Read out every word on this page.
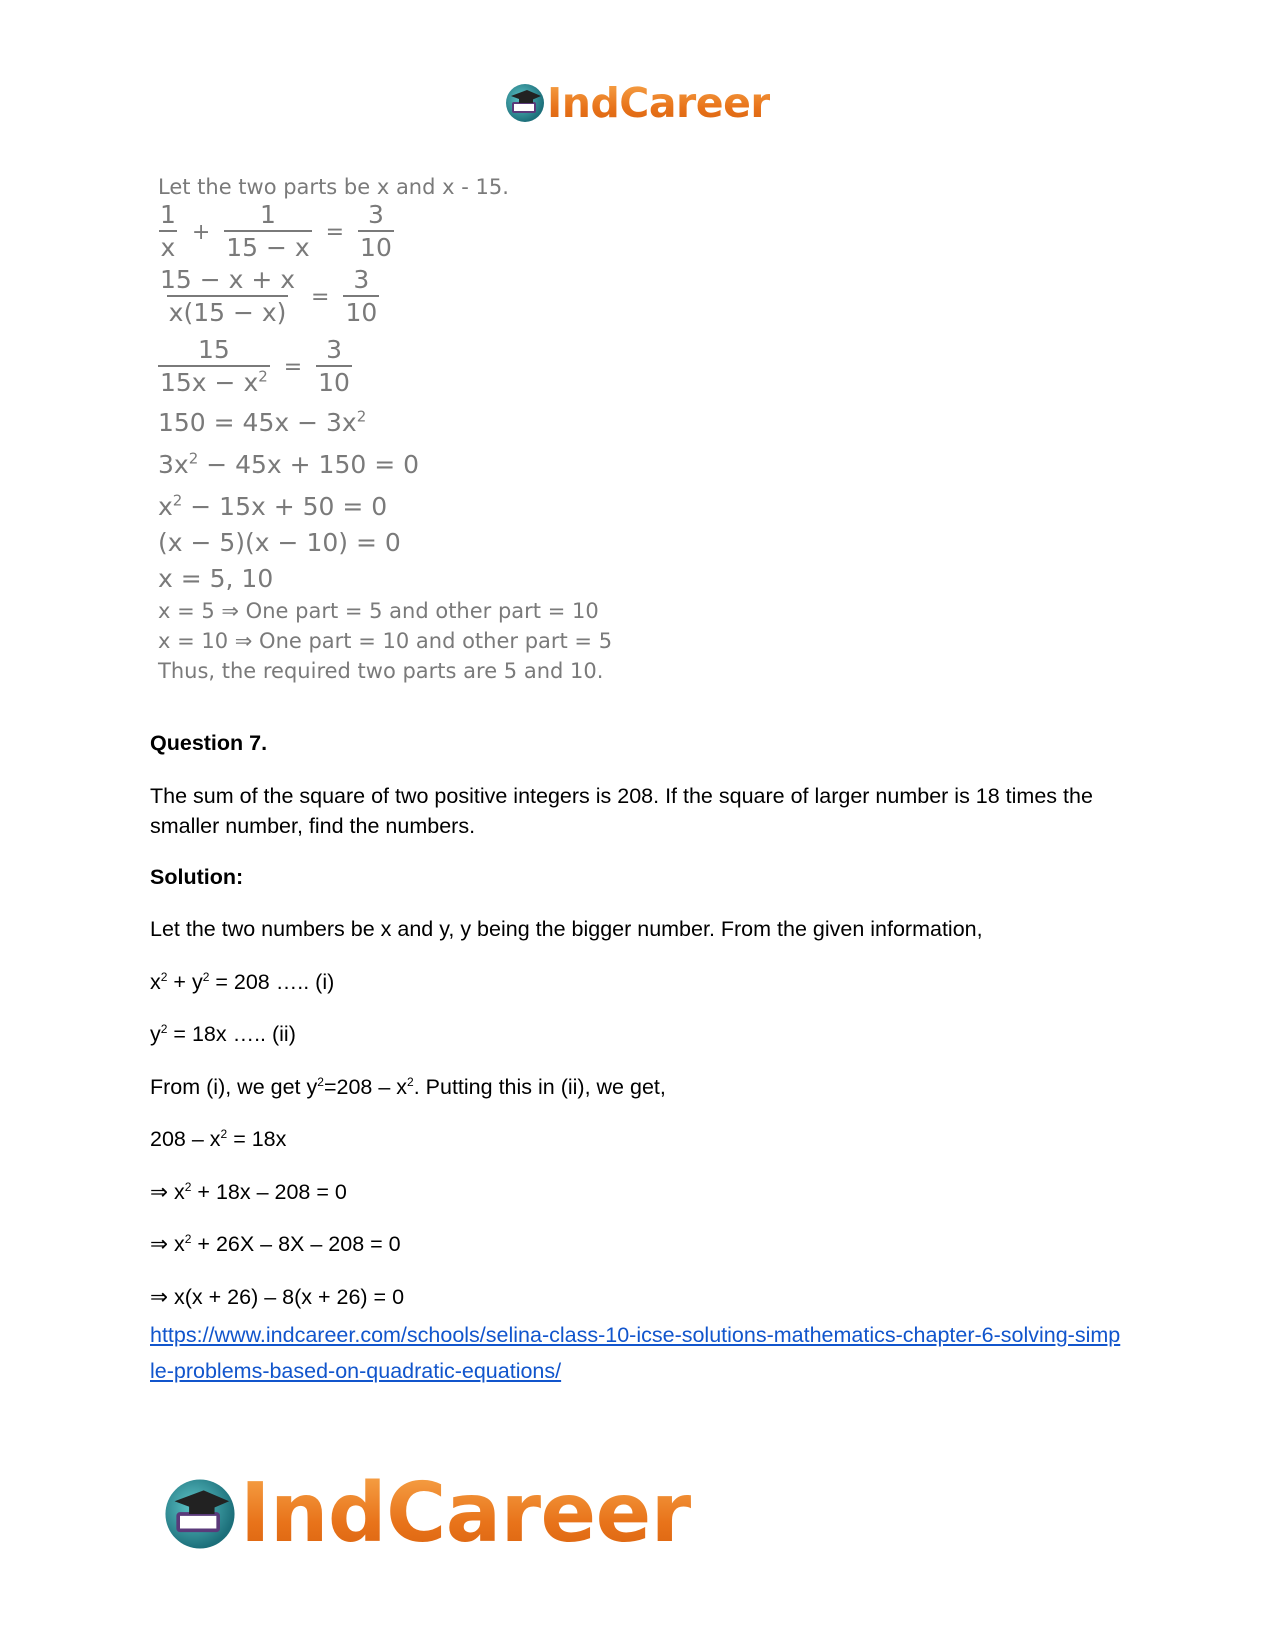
IndCareer
Let the two parts be x and x - 15.
$\frac{1}{x} + \frac{1}{15 - x} = \frac{3}{10}$
$\frac{15 - x + x}{x(15 - x)} = \frac{3}{10}$
$\frac{15}{15x - x^2} = \frac{3}{10}$
$150 = 45x - 3x^2$
$3x^2 - 45x + 150 = 0$
$x^2 - 15x + 50 = 0$
(x − 5)(x − 10) = 0
x = 5, 10
x = 5 ⇒ One part = 5 and other part = 10
x = 10 ⇒ One part = 10 and other part = 5
Thus, the required two parts are 5 and 10.
Question 7.
The sum of the square of two positive integers is 208. If the square of larger number is 18 times the smaller number, find the numbers.
Solution:
Let the two numbers be x and y, y being the bigger number. From the given information,
$x^2 + y^2 = 208$ ….. (i)
$y^2 = 18x$ ….. (ii)
From (i), we get $y^2=208 - x^2$. Putting this in (ii), we get,
$208 - x^2 = 18x$
⇒ $x^2 + 18x - 208 = 0$
⇒ $x^2 + 26X - 8X - 208 = 0$
⇒ x(x + 26) – 8(x + 26) = 0
https://www.indcareer.com/schools/selina-class-10-icse-solutions-mathematics-chapter-6-solving-simple-problems-based-on-quadratic-equations/
IndCareer
